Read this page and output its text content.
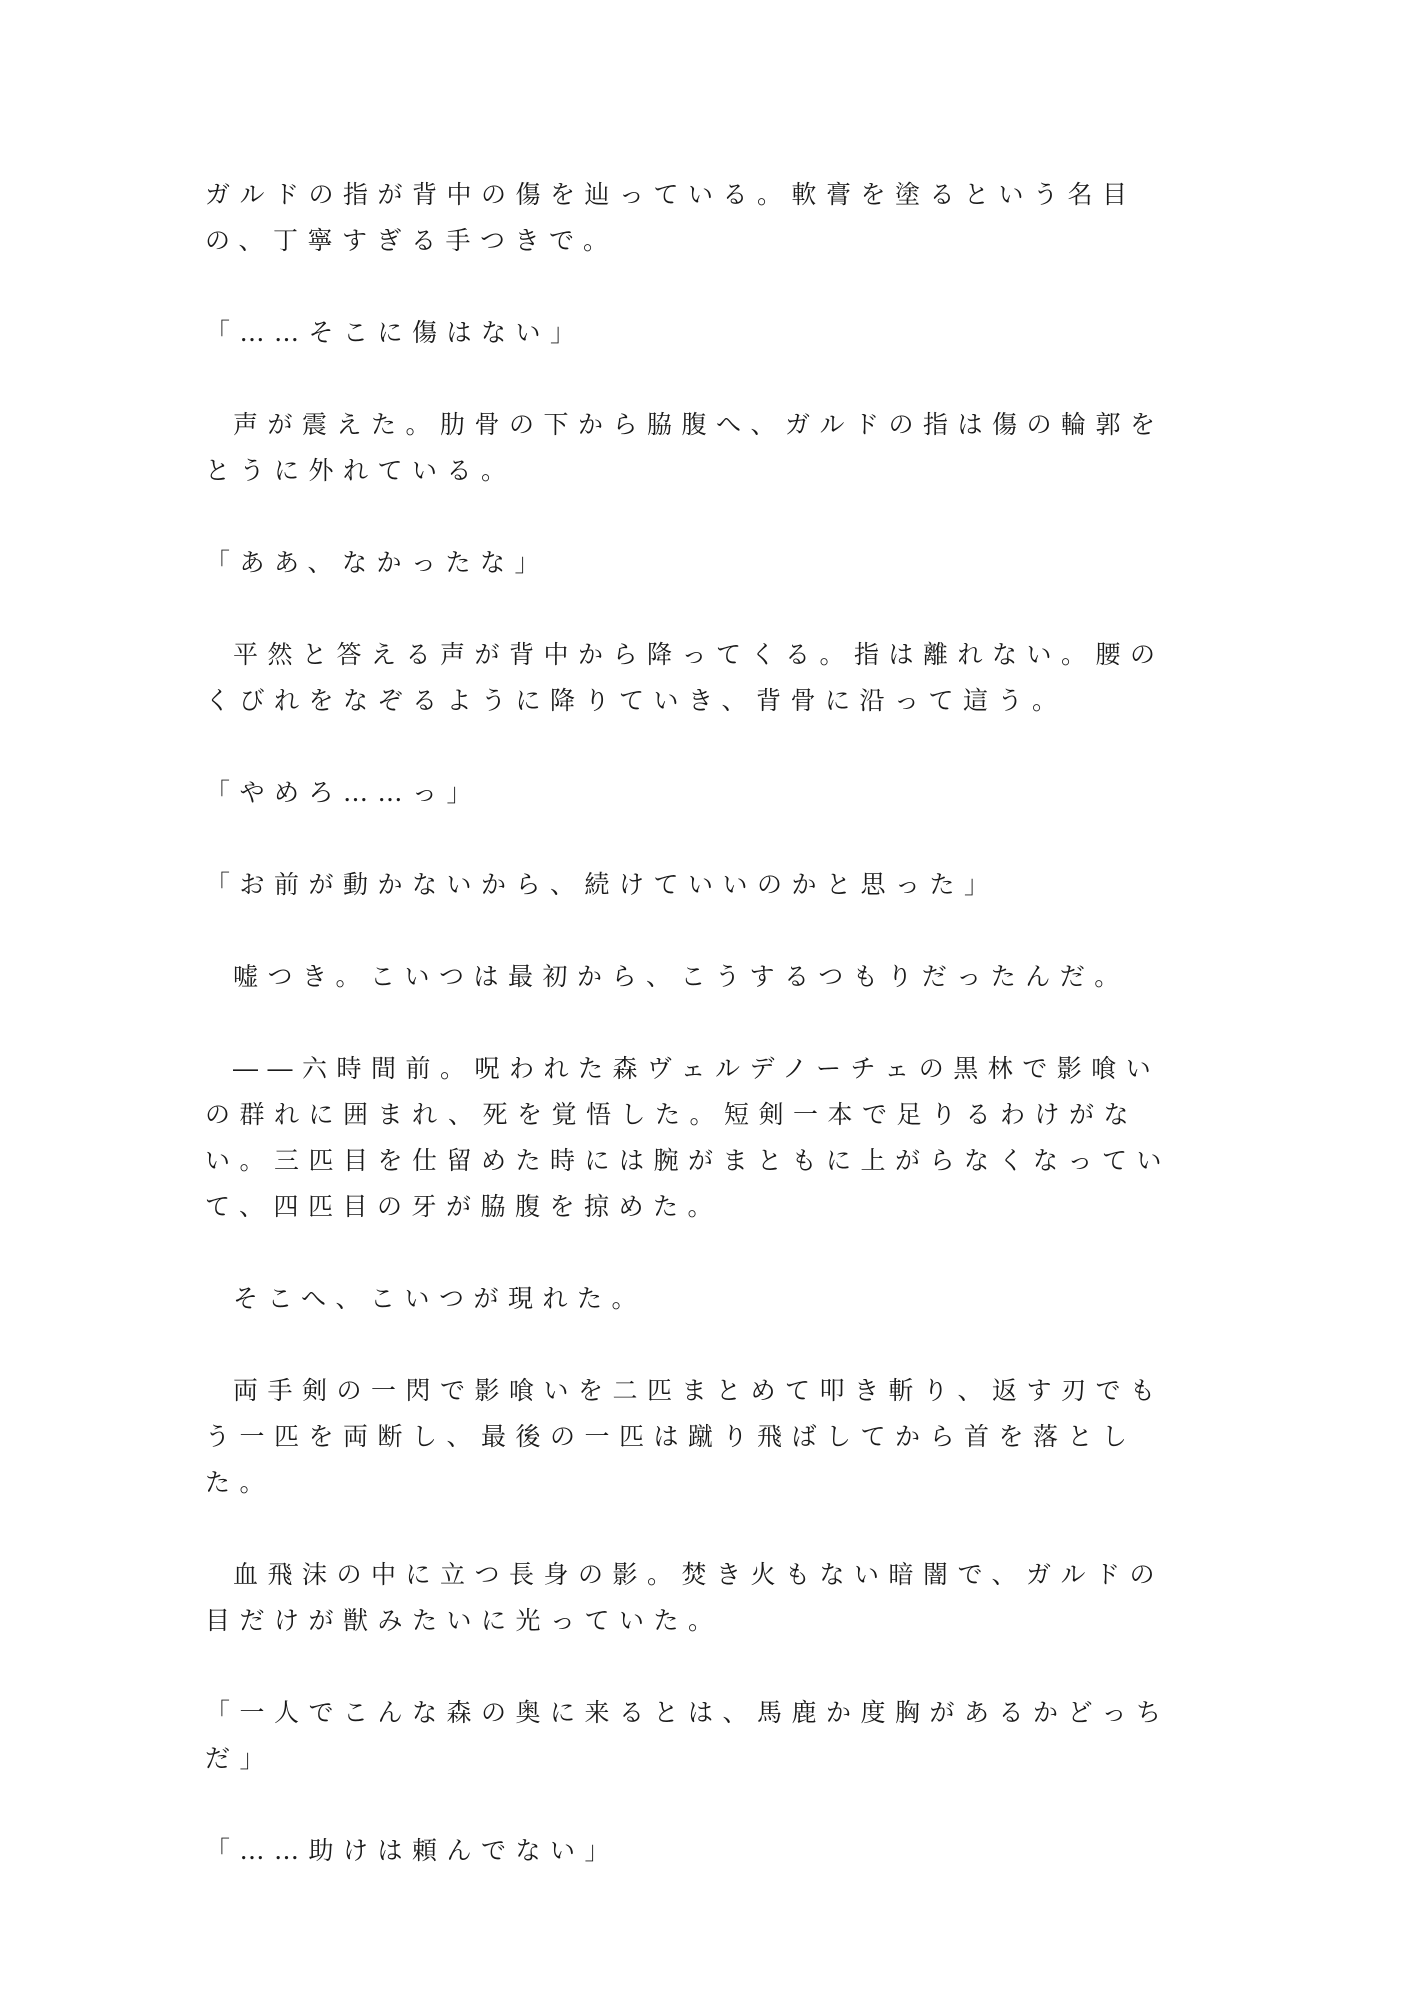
ガルドの指が背中の傷を辿っている。軟膏を塗るという名目の、丁寧すぎる手つきで。

「……そこに傷はない」

声が震えた。肋骨の下から脇腹へ、ガルドの指は傷の輪郭をとうに外れている。

「ああ、なかったな」

平然と答える声が背中から降ってくる。指は離れない。腰のくびれをなぞるように降りていき、背骨に沿って這う。

「やめろ……っ」

「お前が動かないから、続けていいのかと思った」

嘘つき。こいつは最初から、こうするつもりだったんだ。

――六時間前。呪われた森ヴェルデノーチェの黒林で影喰いの群れに囲まれ、死を覚悟した。短剣一本で足りるわけがない。三匹目を仕留めた時には腕がまともに上がらなくなっていて、四匹目の牙が脇腹を掠めた。

そこへ、こいつが現れた。

両手剣の一閃で影喰いを二匹まとめて叩き斬り、返す刃でもう一匹を両断し、最後の一匹は蹴り飛ばしてから首を落とした。

血飛沫の中に立つ長身の影。焚き火もない暗闇で、ガルドの目だけが獣みたいに光っていた。

「一人でこんな森の奥に来るとは、馬鹿か度胸があるかどっちだ」

「……助けは頼んでない」
